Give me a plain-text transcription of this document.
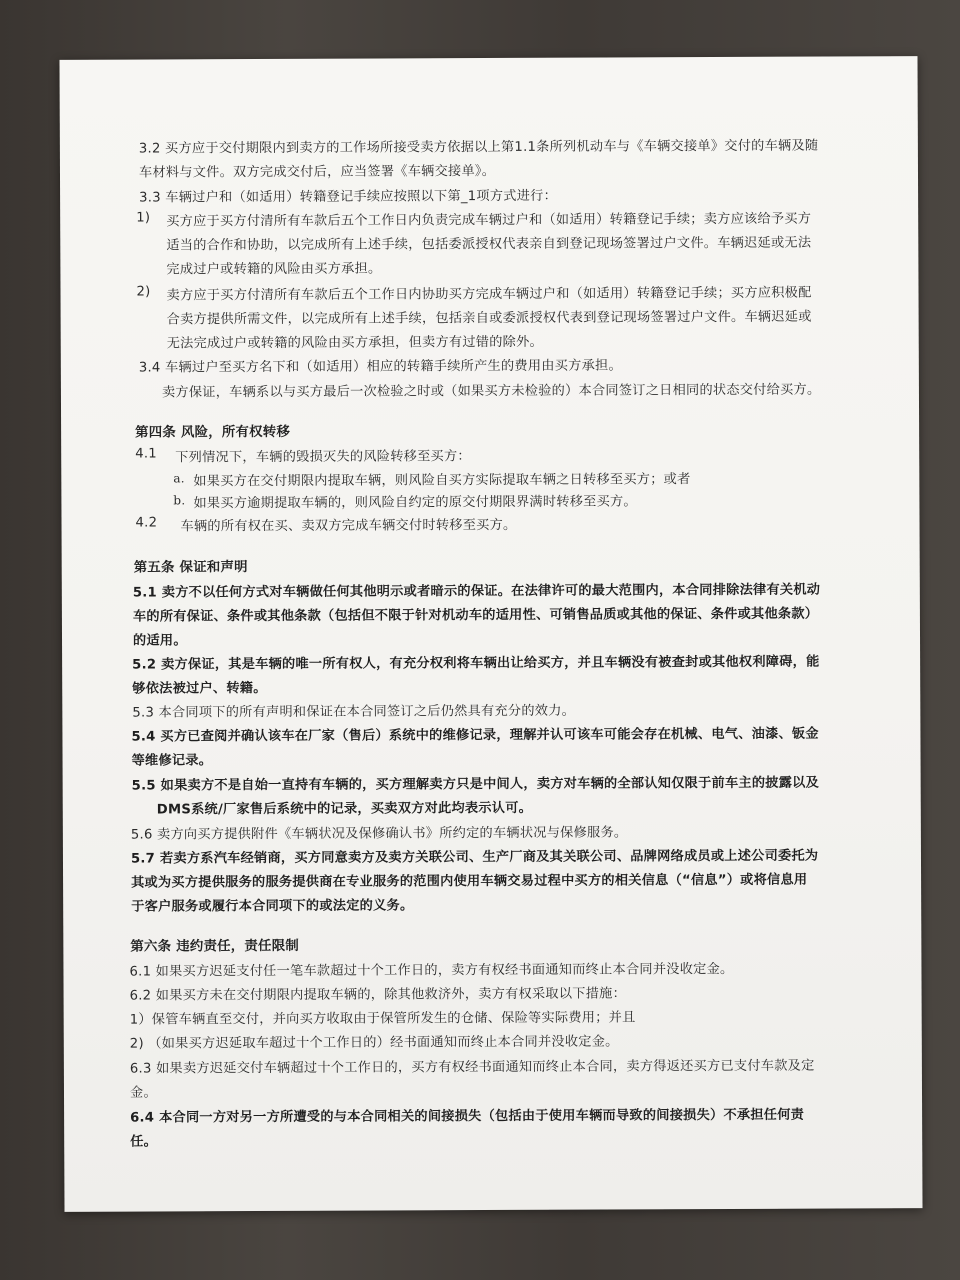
3.2 买方应于交付期限内到卖方的工作场所接受卖方依据以上第1.1条所列机动车与《车辆交接单》交付的车辆及随
车材料与文件。双方完成交付后，应当签署《车辆交接单》。
3.3 车辆过户和（如适用）转籍登记手续应按照以下第_1项方式进行：
1) 买方应于买方付清所有车款后五个工作日内负责完成车辆过户和（如适用）转籍登记手续；卖方应该给予买方
适当的合作和协助，以完成所有上述手续，包括委派授权代表亲自到登记现场签署过户文件。车辆迟延或无法
完成过户或转籍的风险由买方承担。
2) 卖方应于买方付清所有车款后五个工作日内协助买方完成车辆过户和（如适用）转籍登记手续；买方应积极配
合卖方提供所需文件，以完成所有上述手续，包括亲自或委派授权代表到登记现场签署过户文件。车辆迟延或
无法完成过户或转籍的风险由买方承担，但卖方有过错的除外。
3.4 车辆过户至买方名下和（如适用）相应的转籍手续所产生的费用由买方承担。
卖方保证，车辆系以与买方最后一次检验之时或（如果买方未检验的）本合同签订之日相同的状态交付给买方。
第四条 风险，所有权转移
4.1 下列情况下，车辆的毁损灭失的风险转移至买方：
a. 如果买方在交付期限内提取车辆，则风险自买方实际提取车辆之日转移至买方；或者
b. 如果买方逾期提取车辆的，则风险自约定的原交付期限界满时转移至买方。
4.2 车辆的所有权在买、卖双方完成车辆交付时转移至买方。
第五条 保证和声明
5.1 卖方不以任何方式对车辆做任何其他明示或者暗示的保证。在法律许可的最大范围内，本合同排除法律有关机动
车的所有保证、条件或其他条款（包括但不限于针对机动车的适用性、可销售品质或其他的保证、条件或其他条款）
的适用。
5.2 卖方保证，其是车辆的唯一所有权人，有充分权利将车辆出让给买方，并且车辆没有被查封或其他权利障碍，能
够依法被过户、转籍。
5.3 本合同项下的所有声明和保证在本合同签订之后仍然具有充分的效力。
5.4 买方已查阅并确认该车在厂家（售后）系统中的维修记录，理解并认可该车可能会存在机械、电气、油漆、钣金
等维修记录。
5.5 如果卖方不是自始一直持有车辆的，买方理解卖方只是中间人，卖方对车辆的全部认知仅限于前车主的披露以及
DMS系统/厂家售后系统中的记录，买卖双方对此均表示认可。
5.6 卖方向买方提供附件《车辆状况及保修确认书》所约定的车辆状况与保修服务。
5.7 若卖方系汽车经销商，买方同意卖方及卖方关联公司、生产厂商及其关联公司、品牌网络成员或上述公司委托为
其或为买方提供服务的服务提供商在专业服务的范围内使用车辆交易过程中买方的相关信息（“信息”）或将信息用
于客户服务或履行本合同项下的或法定的义务。
第六条 违约责任，责任限制
6.1 如果买方迟延支付任一笔车款超过十个工作日的，卖方有权经书面通知而终止本合同并没收定金。
6.2 如果买方未在交付期限内提取车辆的，除其他救济外，卖方有权采取以下措施：
1）保管车辆直至交付，并向买方收取由于保管所发生的仓储、保险等实际费用；并且
2) （如果买方迟延取车超过十个工作日的）经书面通知而终止本合同并没收定金。
6.3 如果卖方迟延交付车辆超过十个工作日的，买方有权经书面通知而终止本合同，卖方得返还买方已支付车款及定
金。
6.4 本合同一方对另一方所遭受的与本合同相关的间接损失（包括由于使用车辆而导致的间接损失）不承担任何责
任。
